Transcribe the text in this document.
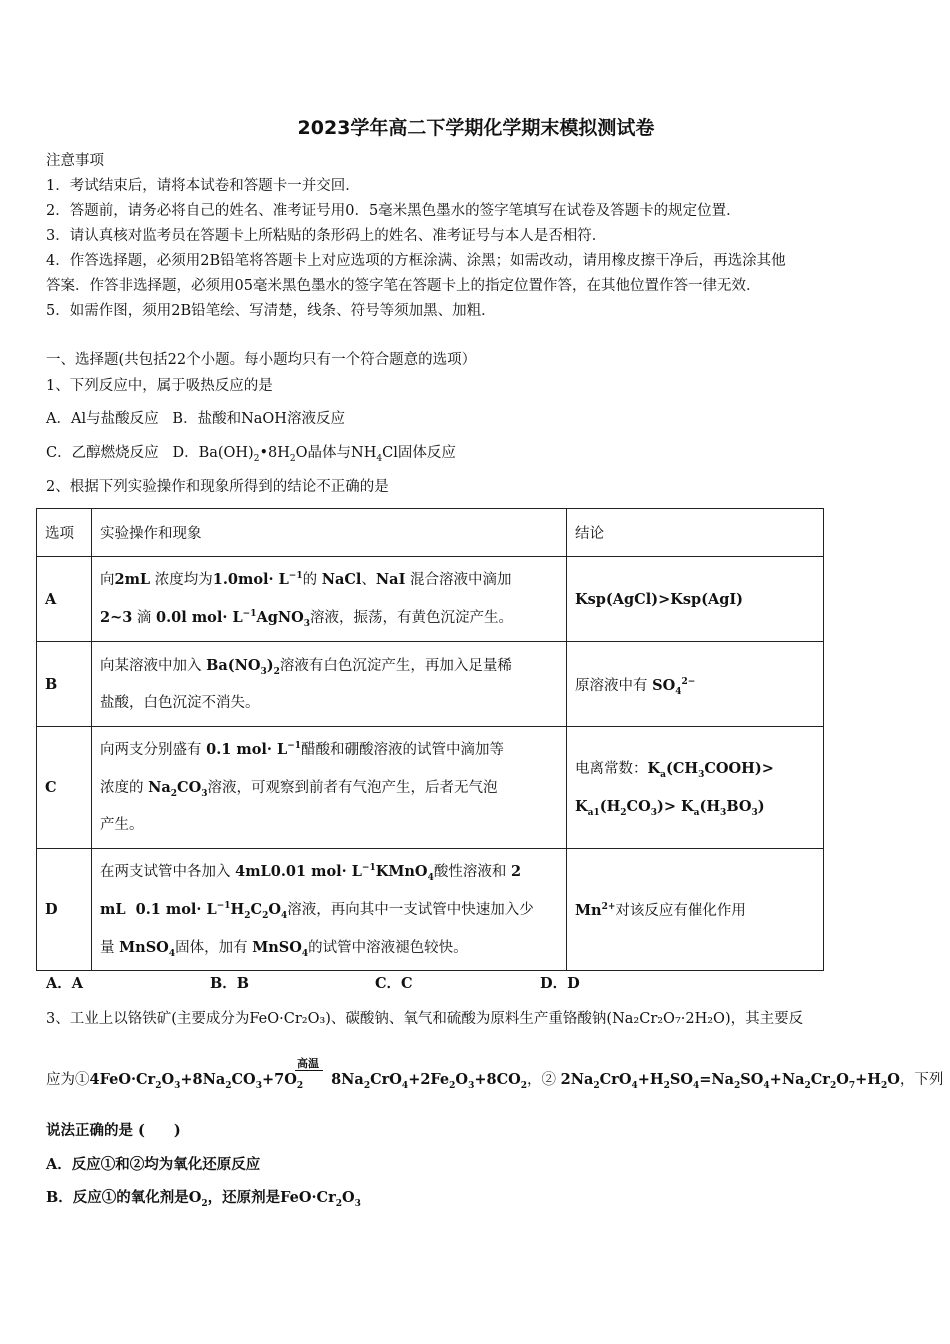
2023学年高二下学期化学期末模拟测试卷
注意事项
1．考试结束后，请将本试卷和答题卡一并交回．
2．答题前，请务必将自己的姓名、准考证号用0．5毫米黑色墨水的签字笔填写在试卷及答题卡的规定位置．
3．请认真核对监考员在答题卡上所粘贴的条形码上的姓名、准考证号与本人是否相符．
4．作答选择题，必须用2B铅笔将答题卡上对应选项的方框涂满、涂黑；如需改动，请用橡皮擦干净后，再选涂其他
答案．作答非选择题，必须用05毫米黑色墨水的签字笔在答题卡上的指定位置作答，在其他位置作答一律无效．
5．如需作图，须用2B铅笔绘、写清楚，线条、符号等须加黑、加粗．
一、选择题(共包括22个小题。每小题均只有一个符合题意的选项）
1、下列反应中，属于吸热反应的是
A．Al与盐酸反应 B．盐酸和NaOH溶液反应
C．乙醇燃烧反应 D．$Ba(OH)_2•8H_2O$晶体与$NH_4Cl$固体反应
2、根据下列实验操作和现象所得到的结论不正确的是
选项	实验操作和现象	结论
A	向2mL 浓度均为$1.0mol\cdot L^{-1}$的 NaCl、NaI 混合溶液中滴加
2~3 滴 0.0l $mol\cdot L^{-1}AgNO_3$溶液，振荡，有黄色沉淀产生。	Ksp(AgCl)>Ksp(AgI)
B	向某溶液中加入 $Ba(NO_3)_2$溶液有白色沉淀产生，再加入足量稀
盐酸，白色沉淀不消失。	原溶液中有 $SO_4^{2-}$
C	向两支分别盛有 0.1 $mol\cdot L^{-1}$醋酸和硼酸溶液的试管中滴加等
浓度的 $Na_2CO_3$溶液，可观察到前者有气泡产生，后者无气泡
产生。	电离常数：$K_a(CH_3COOH)>$
$K_{a1}(H_2CO_3)> K_a(H_3BO_3)$

D	在两支试管中各加入 4mL0.01 $mol\cdot L^{-1}KMnO_4$酸性溶液和 2
mL  0.1 $mol\cdot L^{-1}H_2C_2O_4$溶液，再向其中一支试管中快速加入少
量 MnSO$_4$固体，加有 MnSO$_4$的试管中溶液褪色较快。	$Mn^{2+}$对该反应有催化作用
A．A	B．B	C．C	D．D
3、工业上以铬铁矿(主要成分为FeO·Cr₂O₃)、碳酸钠、氧气和硫酸为原料生产重铬酸钠(Na₂Cr₂O₇·2H₂O)，其主要反
高温
应为$①4FeO\cdot Cr_2O_3+8Na_2CO_3+7O_2$ $8Na_2CrO_4+2Fe_2O_3+8CO_2$，② $2Na_2CrO_4+H_2SO_4=Na_2SO_4+Na_2Cr_2O_7+H_2O$，下列
说法正确的是 (　　)
A．反应①和②均为氧化还原反应
B．反应①的氧化剂是$O_2$，还原剂是$FeO\cdot Cr_2O_3$
